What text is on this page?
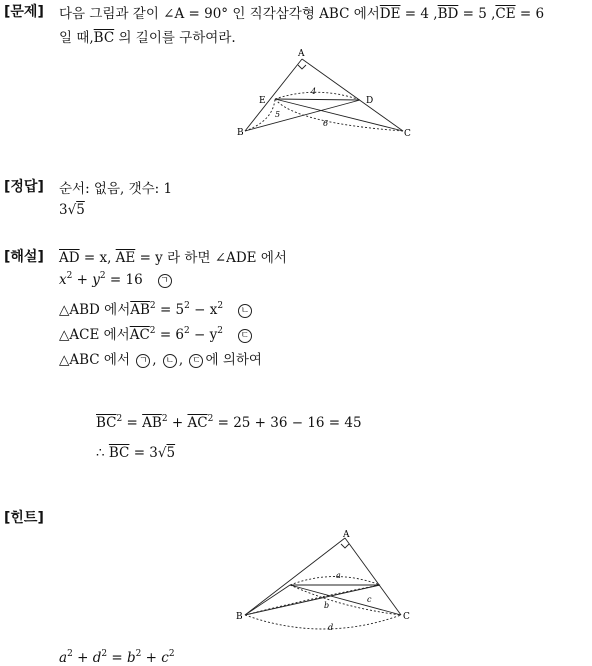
[문제] 다음 그림과 같이 ∠A = 90° 인 직각삼각형 ABC 에서$\overline{DE} = 4$ $,\overline{BD} = 5$ $,\overline{CE} = 6$
일 때$,\overline{BC}$ 의 길이를 구하여라.
A
B	C
D
E
4
5
6
[정답] 순서: 없음, 갯수: 1
3√5
[해설] $\overline{AD} = x$, $\overline{AE} = y$ 라 하면 ∠ADE 에서
$x^2 + y^2 = 16$ ㄱ
△ABD 에서$\overline{AB}^2 = 5^2 - x^2$ ㄴ
△ACE 에서$\overline{AC}^2 = 6^2 - y^2$ ㄷ
△ABC 에서 ㄱ , ㄴ , ㄷ 에 의하여
$\overline{BC}^2 = \overline{AB}^2 + \overline{AC}^2 = 25 + 36 - 16 = 45$
∴ $\overline{BC} = 3√5$
[힌트]
A
B	C
a
b
c
d
$a^2 + d^2 = b^2 + c^2$
